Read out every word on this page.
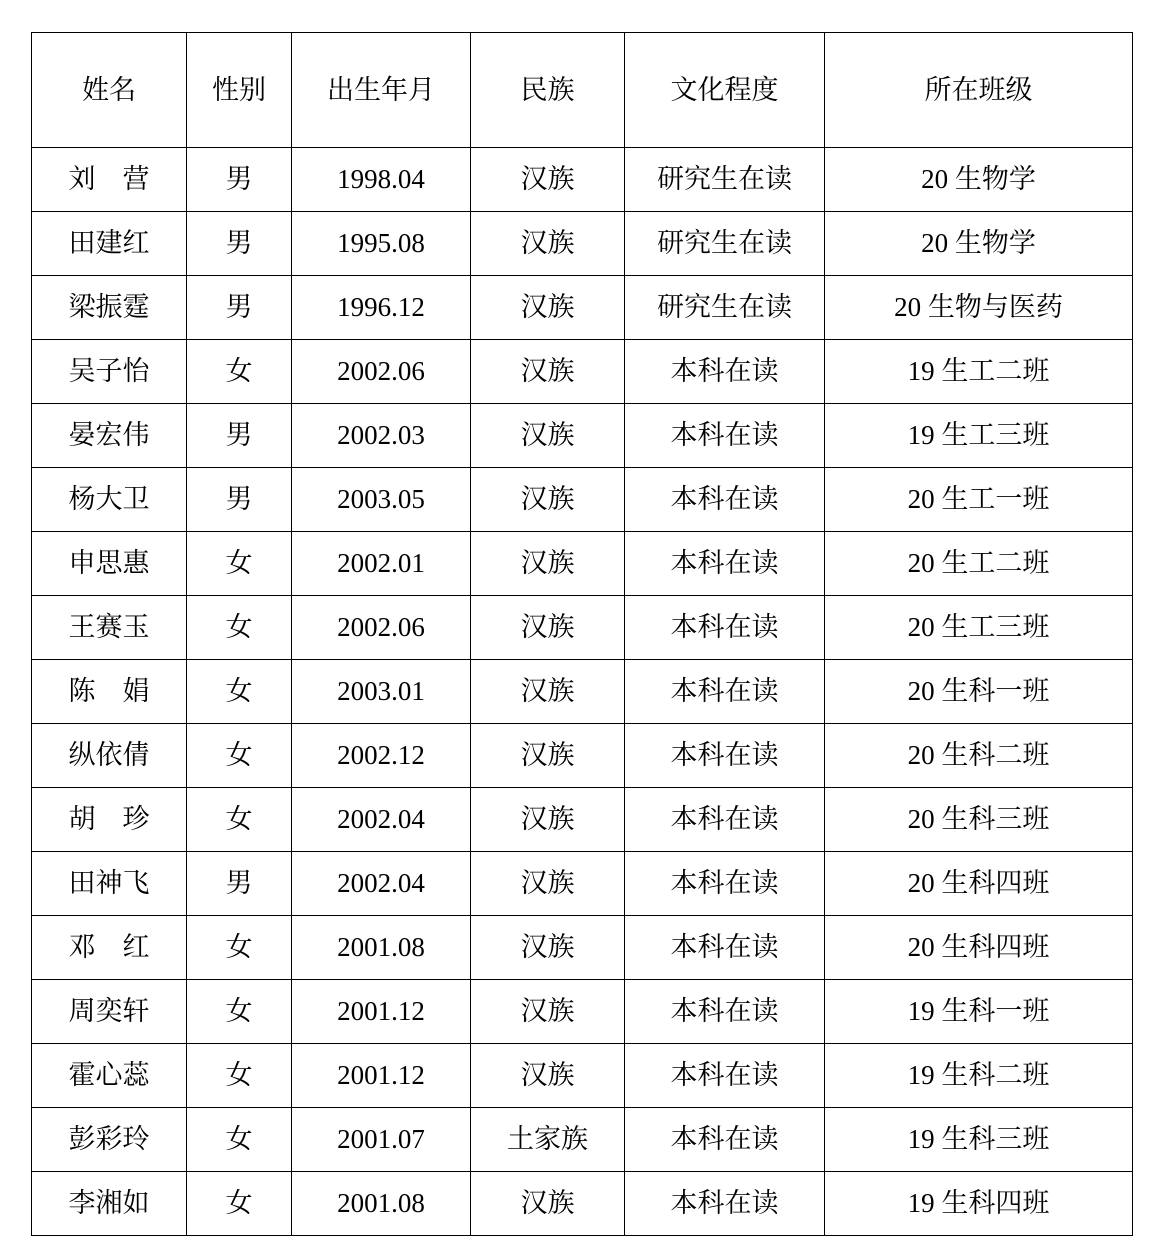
姓名	性别	出生年月	民族	文化程度	所在班级
刘　营	男	1998.04	汉族	研究生在读	20 生物学
田建红	男	1995.08	汉族	研究生在读	20 生物学
梁振霆	男	1996.12	汉族	研究生在读	20 生物与医药
吴子怡	女	2002.06	汉族	本科在读	19 生工二班
晏宏伟	男	2002.03	汉族	本科在读	19 生工三班
杨大卫	男	2003.05	汉族	本科在读	20 生工一班
申思惠	女	2002.01	汉族	本科在读	20 生工二班
王赛玉	女	2002.06	汉族	本科在读	20 生工三班
陈　娟	女	2003.01	汉族	本科在读	20 生科一班
纵依倩	女	2002.12	汉族	本科在读	20 生科二班
胡　珍	女	2002.04	汉族	本科在读	20 生科三班
田神飞	男	2002.04	汉族	本科在读	20 生科四班
邓　红	女	2001.08	汉族	本科在读	20 生科四班
周奕轩	女	2001.12	汉族	本科在读	19 生科一班
霍心蕊	女	2001.12	汉族	本科在读	19 生科二班
彭彩玲	女	2001.07	土家族	本科在读	19 生科三班
李湘如	女	2001.08	汉族	本科在读	19 生科四班
